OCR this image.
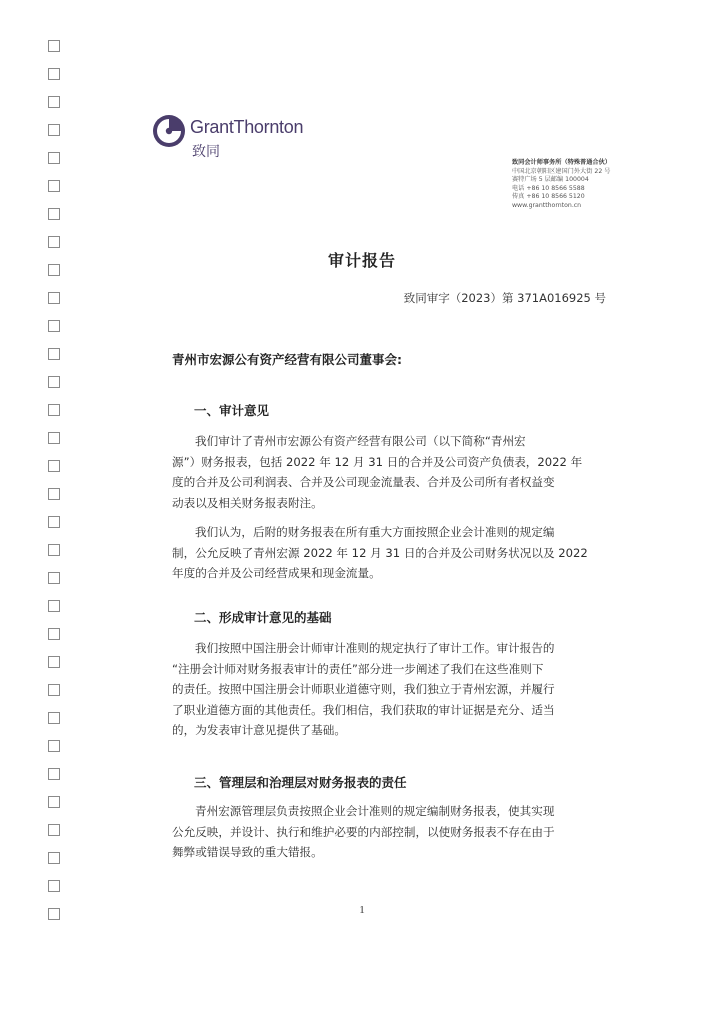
GrantThornton
致同
致同会计师事务所（特殊普通合伙）
中国北京朝阳区建国门外大街 22 号
赛特广场 5 层邮编 100004
电话 +86 10 8566 5588
传真 +86 10 8566 5120
www.grantthornton.cn
审计报告
致同审字（2023）第 371A016925 号
青州市宏源公有资产经营有限公司董事会:
一、审计意见

我们审计了青州市宏源公有资产经营有限公司（以下简称“青州宏
源”）财务报表，包括 2022 年 12 月 31 日的合并及公司资产负债表，2022 年
度的合并及公司利润表、合并及公司现金流量表、合并及公司所有者权益变
动表以及相关财务报表附注。

我们认为，后附的财务报表在所有重大方面按照企业会计准则的规定编
制，公允反映了青州宏源 2022 年 12 月 31 日的合并及公司财务状况以及 2022
年度的合并及公司经营成果和现金流量。

二、形成审计意见的基础

我们按照中国注册会计师审计准则的规定执行了审计工作。审计报告的
“注册会计师对财务报表审计的责任”部分进一步阐述了我们在这些准则下
的责任。按照中国注册会计师职业道德守则，我们独立于青州宏源，并履行
了职业道德方面的其他责任。我们相信，我们获取的审计证据是充分、适当
的，为发表审计意见提供了基础。

三、管理层和治理层对财务报表的责任

青州宏源管理层负责按照企业会计准则的规定编制财务报表，使其实现
公允反映，并设计、执行和维护必要的内部控制，以使财务报表不存在由于
舞弊或错误导致的重大错报。

1
